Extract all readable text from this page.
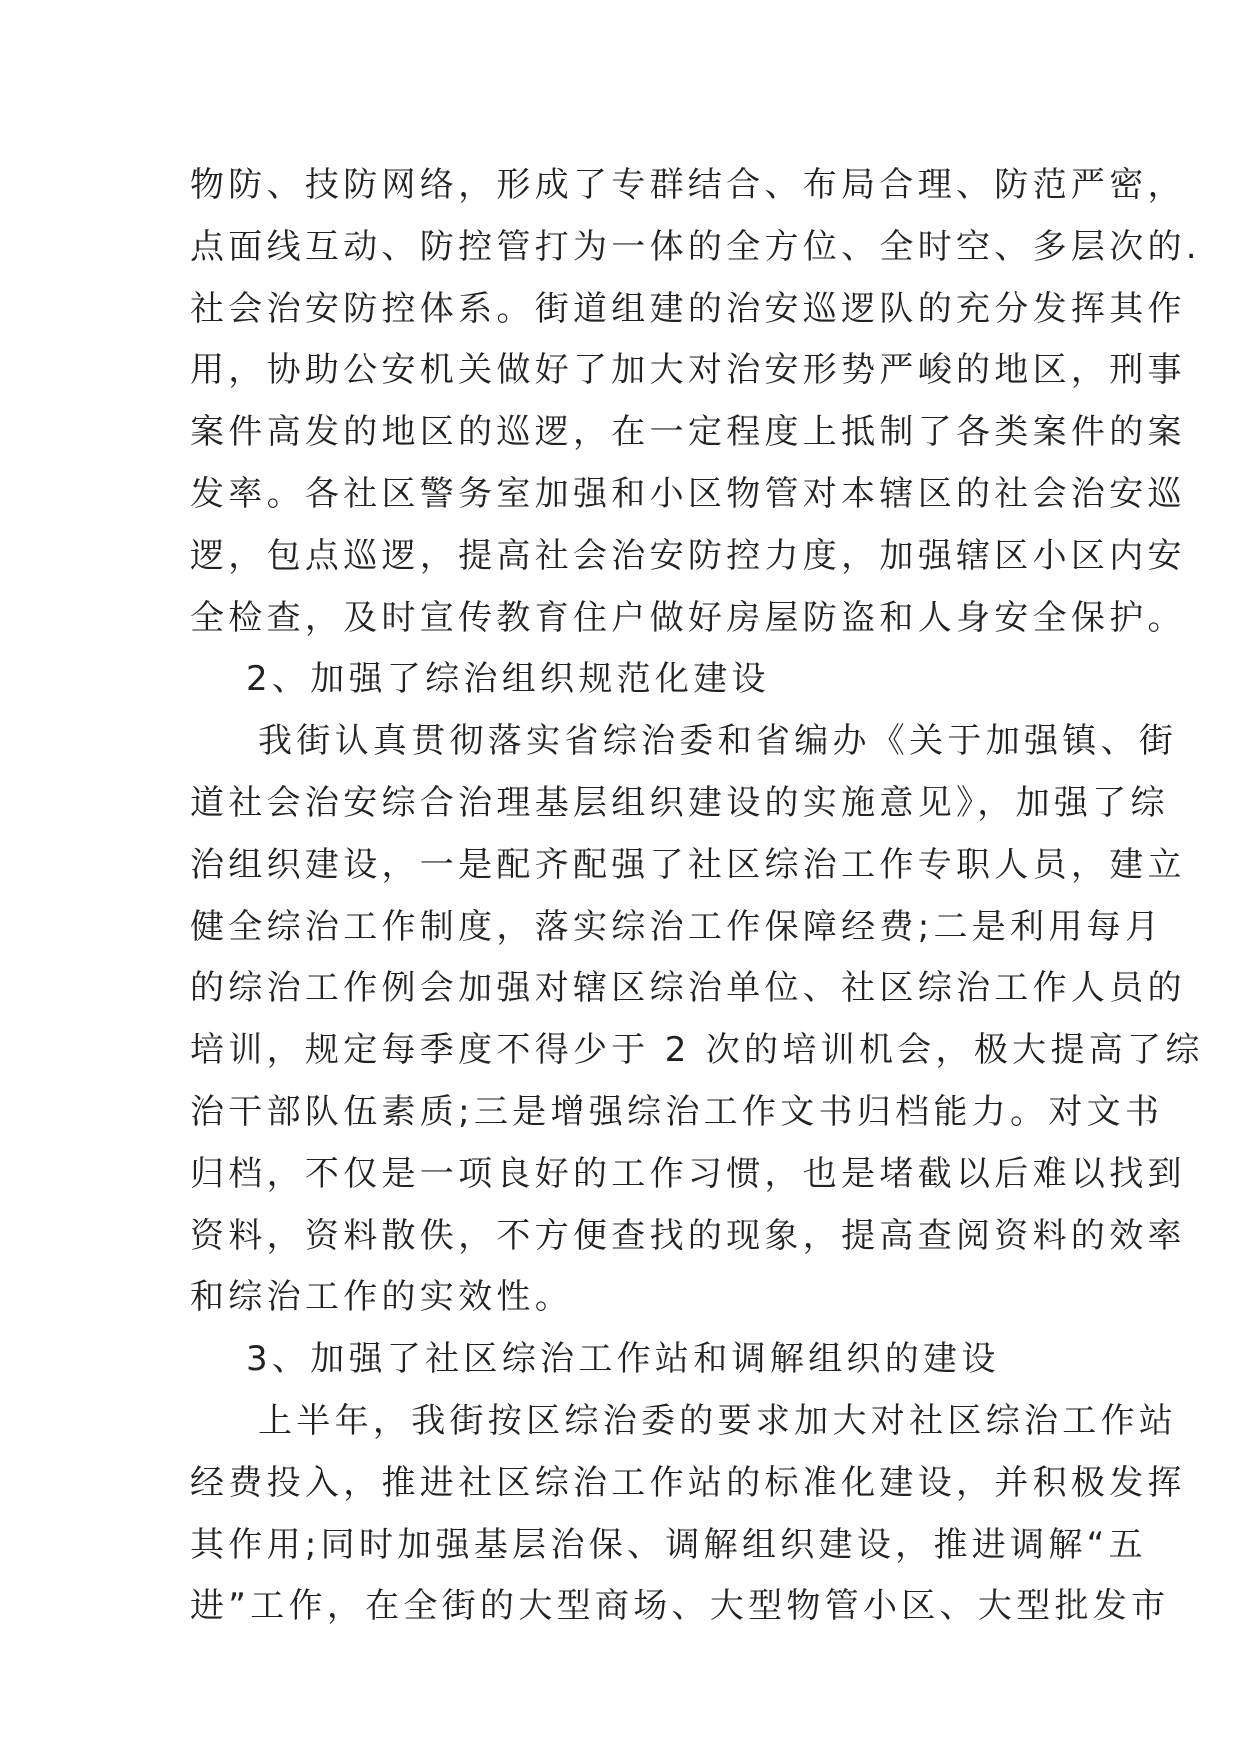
物防、技防网络，形成了专群结合、布局合理、防范严密，
点面线互动、防控管打为一体的全方位、全时空、多层次的.
社会治安防控体系。街道组建的治安巡逻队的充分发挥其作
用，协助公安机关做好了加大对治安形势严峻的地区，刑事
案件高发的地区的巡逻，在一定程度上抵制了各类案件的案
发率。各社区警务室加强和小区物管对本辖区的社会治安巡
逻，包点巡逻，提高社会治安防控力度，加强辖区小区内安
全检查，及时宣传教育住户做好房屋防盗和人身安全保护。
2、加强了综治组织规范化建设
我街认真贯彻落实省综治委和省编办《关于加强镇、街
道社会治安综合治理基层组织建设的实施意见》，加强了综
治组织建设，一是配齐配强了社区综治工作专职人员，建立
健全综治工作制度，落实综治工作保障经费;二是利用每月
的综治工作例会加强对辖区综治单位、社区综治工作人员的
培训，规定每季度不得少于 2 次的培训机会，极大提高了综
治干部队伍素质;三是增强综治工作文书归档能力。对文书
归档，不仅是一项良好的工作习惯，也是堵截以后难以找到
资料，资料散佚，不方便查找的现象，提高查阅资料的效率
和综治工作的实效性。
3、加强了社区综治工作站和调解组织的建设
上半年，我街按区综治委的要求加大对社区综治工作站
经费投入，推进社区综治工作站的标准化建设，并积极发挥
其作用;同时加强基层治保、调解组织建设，推进调解“五
进”工作，在全街的大型商场、大型物管小区、大型批发市
